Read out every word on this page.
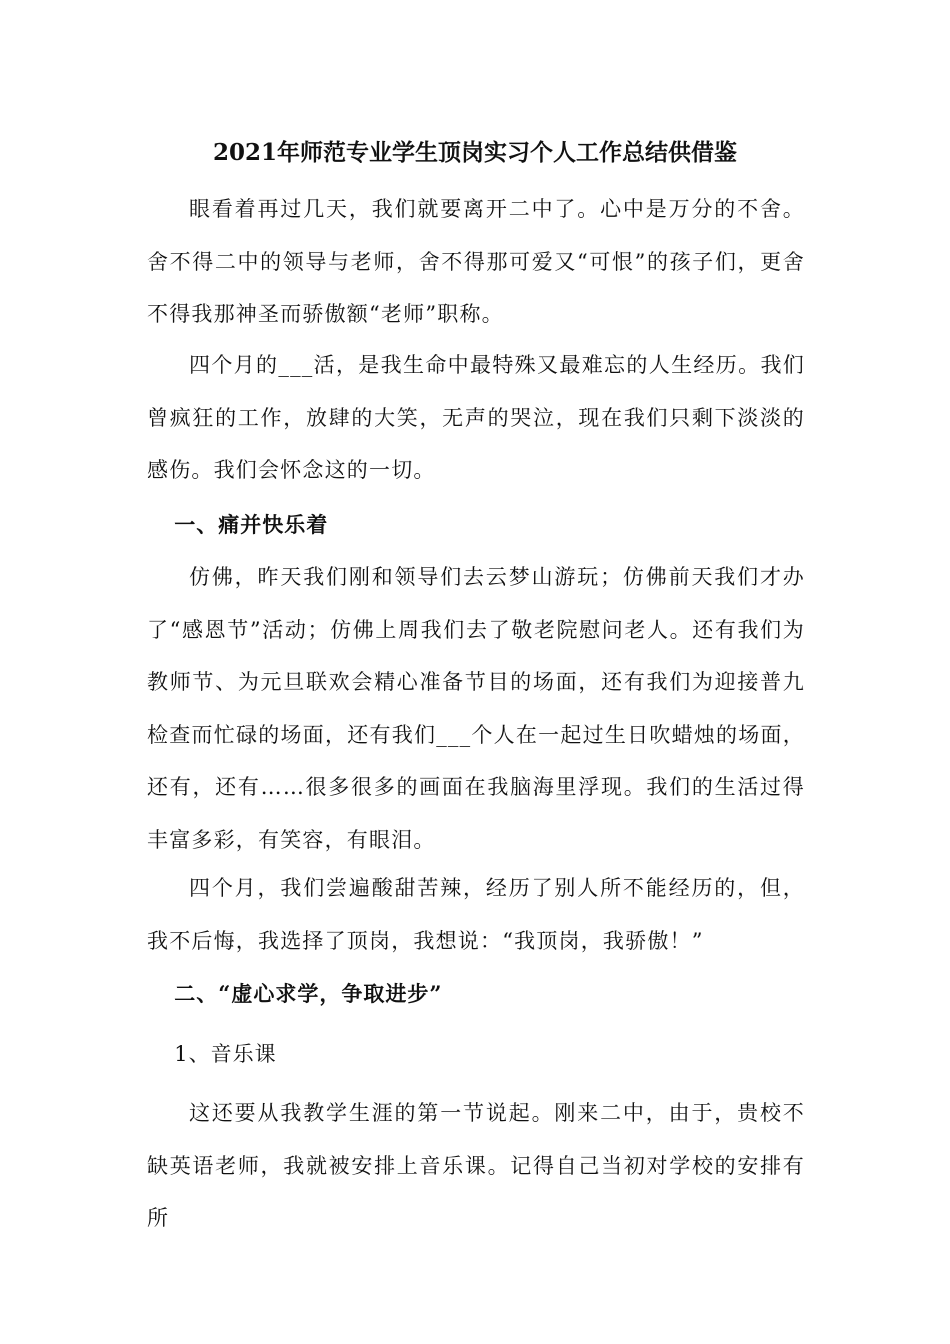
2021年师范专业学生顶岗实习个人工作总结供借鉴

眼看着再过几天，我们就要离开二中了。心中是万分的不舍。舍不得二中的领导与老师，舍不得那可爱又“可恨”的孩子们，更舍不得我那神圣而骄傲额“老师”职称。

四个月的___活，是我生命中最特殊又最难忘的人生经历。我们曾疯狂的工作，放肆的大笑，无声的哭泣，现在我们只剩下淡淡的感伤。我们会怀念这的一切。

一、痛并快乐着

仿佛，昨天我们刚和领导们去云梦山游玩；仿佛前天我们才办了“感恩节”活动；仿佛上周我们去了敬老院慰问老人。还有我们为教师节、为元旦联欢会精心准备节目的场面，还有我们为迎接普九检查而忙碌的场面，还有我们___个人在一起过生日吹蜡烛的场面，还有，还有……很多很多的画面在我脑海里浮现。我们的生活过得丰富多彩，有笑容，有眼泪。

四个月，我们尝遍酸甜苦辣，经历了别人所不能经历的，但，我不后悔，我选择了顶岗，我想说：“我顶岗，我骄傲！”

二、“虚心求学，争取进步”
1、音乐课

这还要从我教学生涯的第一节说起。刚来二中，由于，贵校不缺英语老师，我就被安排上音乐课。记得自己当初对学校的安排有所
